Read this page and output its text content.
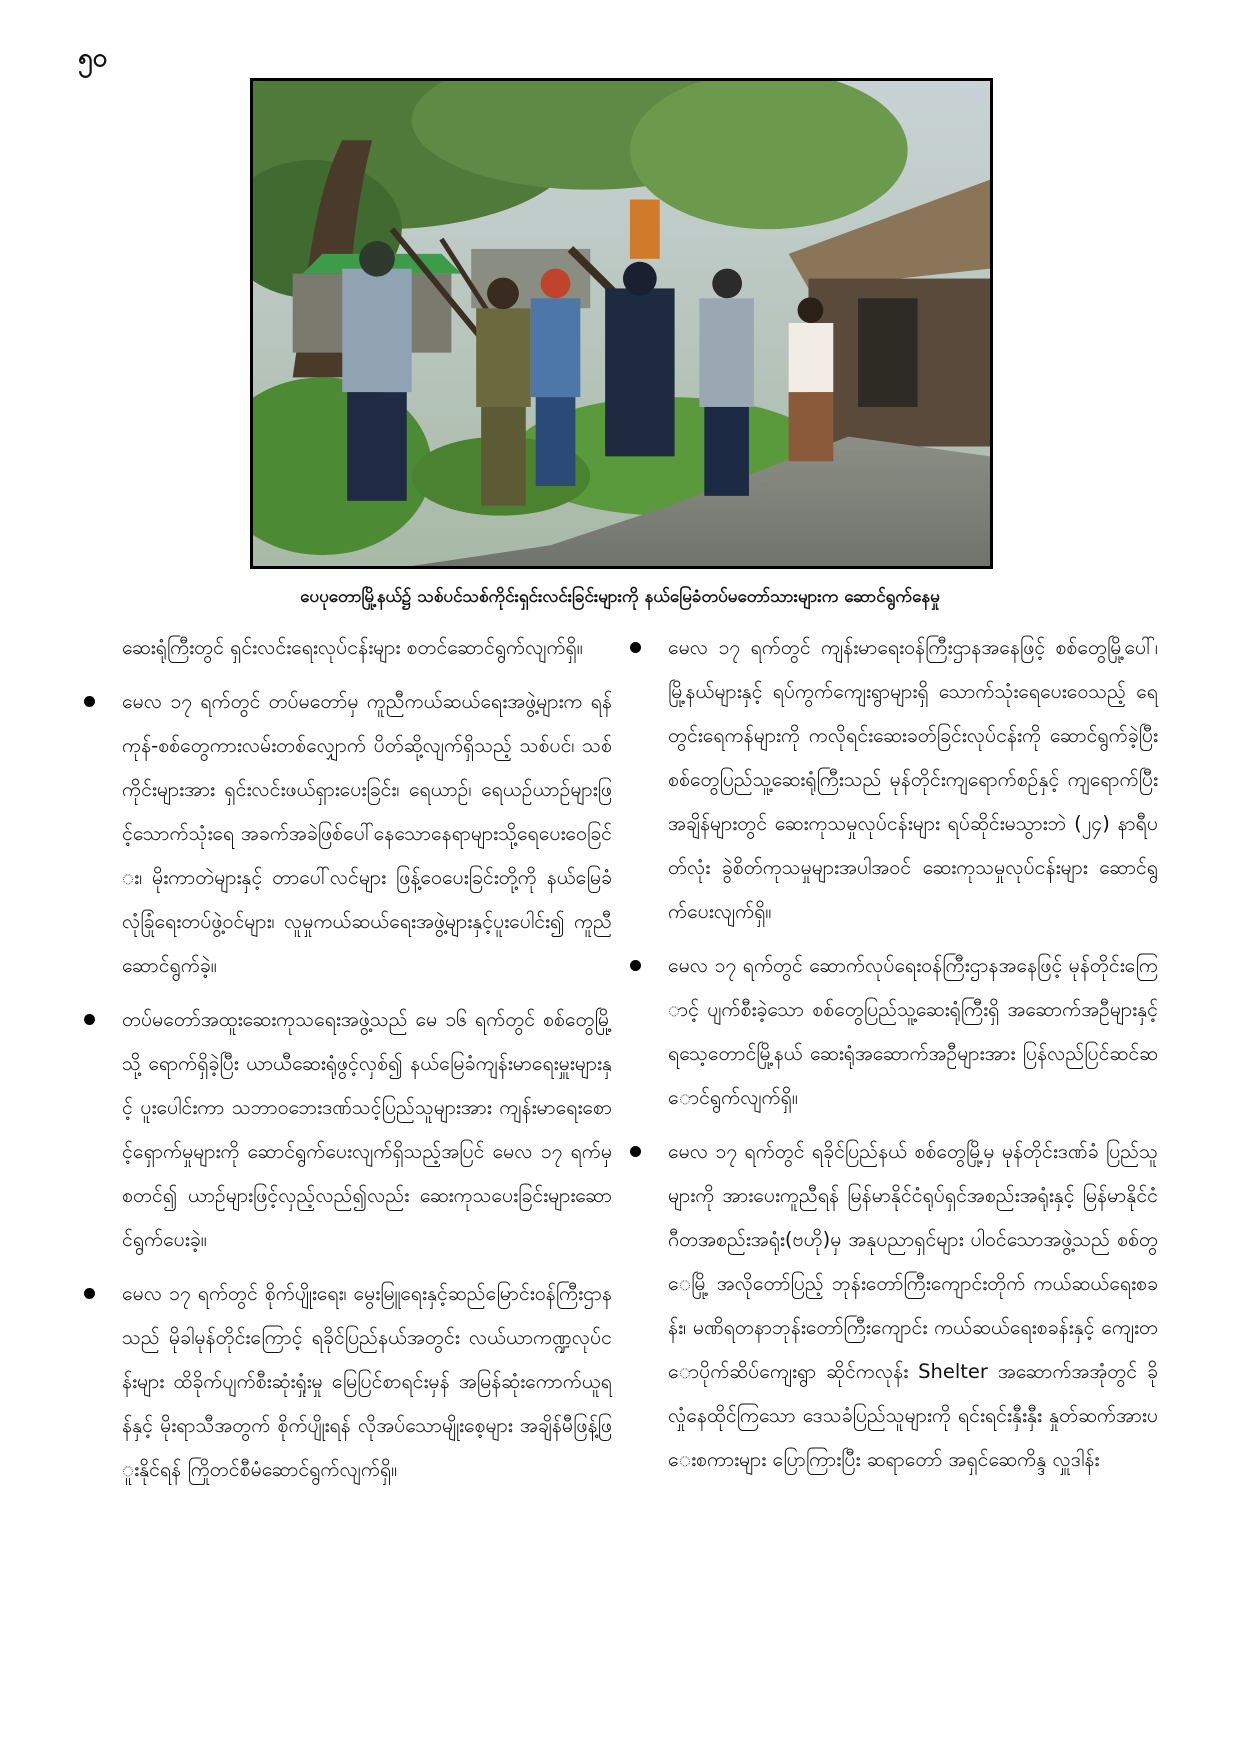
၅၀
ပေပုတောမြို့နယ်၌ သစ်ပင်သစ်ကိုင်းရှင်းလင်းခြင်းများကို နယ်မြေခံတပ်မတော်သားများက ဆောင်ရွက်နေမှု

ဆေးရုံကြီးတွင် ရှင်းလင်းရေးလုပ်ငန်းများ စတင်ဆောင်ရွက်လျက်ရှိ။

မေလ ၁၇ ရက်တွင် တပ်မတော်မှ ကူညီကယ်ဆယ်ရေးအဖွဲ့များက ရန်ကုန်-စစ်တွေကားလမ်းတစ်လျှောက် ပိတ်ဆို့လျက်ရှိသည့် သစ်ပင်၊ သစ်ကိုင်းများအား ရှင်းလင်းဖယ်ရှားပေးခြင်း၊ ရေယာဉ်၊ ရေယဉ်ယာဉ်များဖြင့်သောက်သုံးရေ အခက်အခဲဖြစ်ပေါ်နေသောနေရာများသို့ရေပေးဝေခြင်း၊ မိုးကာတဲများနှင့် တာပေါ်လင်များ ဖြန့်ဝေပေးခြင်းတို့ကို နယ်မြေခံလုံခြုံရေးတပ်ဖွဲ့ဝင်များ၊ လူမှုကယ်ဆယ်ရေးအဖွဲ့များနှင့်ပူးပေါင်း၍ ကူညီဆောင်ရွက်ခဲ့။
တပ်မတော်အထူးဆေးကုသရေးအဖွဲ့သည် မေ ၁၆ ရက်တွင် စစ်တွေမြို့သို့ ရောက်ရှိခဲ့ပြီး ယာယီဆေးရုံဖွင့်လှစ်၍ နယ်မြေခံကျန်းမာရေးမှူးများနှင့် ပူးပေါင်းကာ သဘာဝဘေးဒဏ်သင့်ပြည်သူများအား ကျန်းမာရေးစောင့်ရှောက်မှုများကို ဆောင်ရွက်ပေးလျက်ရှိသည့်အပြင် မေလ ၁၇ ရက်မှစတင်၍ ယာဉ်များဖြင့်လှည့်လည်၍လည်း ဆေးကုသပေးခြင်းများဆောင်ရွက်ပေးခဲ့။
မေလ ၁၇ ရက်တွင် စိုက်ပျိုးရေး၊ မွေးမြူရေးနှင့်ဆည်မြောင်းဝန်ကြီးဌာနသည် မိုခါမုန်တိုင်းကြောင့် ရခိုင်ပြည်နယ်အတွင်း လယ်ယာကဏ္ဍလုပ်ငန်းများ ထိခိုက်ပျက်စီးဆုံးရှုံးမှု မြေပြင်စာရင်းမှန် အမြန်ဆုံးကောက်ယူရန်နှင့် မိုးရာသီအတွက် စိုက်ပျိုးရန် လိုအပ်သောမျိုးစေ့များ အချိန်မီဖြန့်ဖြူးနိုင်ရန် ကြိုတင်စီမံဆောင်ရွက်လျက်ရှိ။
မေလ ၁၇ ရက်တွင် ကျန်းမာရေးဝန်ကြီးဌာနအနေဖြင့် စစ်တွေမြို့ပေါ်၊ မြို့နယ်များနှင့် ရပ်ကွက်ကျေးရွာများရှိ သောက်သုံးရေပေးဝေသည့် ရေတွင်းရေကန်များကို ကလိုရင်းဆေးခတ်ခြင်းလုပ်ငန်းကို ဆောင်ရွက်ခဲ့ပြီး စစ်တွေပြည်သူ့ဆေးရုံကြီးသည် မုန်တိုင်းကျရောက်စဉ်နှင့် ကျရောက်ပြီးအချိန်များတွင် ဆေးကုသမှုလုပ်ငန်းများ ရပ်ဆိုင်းမသွားဘဲ (၂၄) နာရီပတ်လုံး ခွဲစိတ်ကုသမှုများအပါအဝင် ဆေးကုသမှုလုပ်ငန်းများ ဆောင်ရွက်ပေးလျက်ရှိ။
မေလ ၁၇ ရက်တွင် ဆောက်လုပ်ရေးဝန်ကြီးဌာနအနေဖြင့် မုန်တိုင်းကြောင့် ပျက်စီးခဲ့သော စစ်တွေပြည်သူ့ဆေးရုံကြီးရှိ အဆောက်အဦများနှင့် ရသေ့တောင်မြို့နယ် ဆေးရုံအဆောက်အဦများအား ပြန်လည်ပြင်ဆင်ဆောင်ရွက်လျက်ရှိ။
မေလ ၁၇ ရက်တွင် ရခိုင်ပြည်နယ် စစ်တွေမြို့မှ မုန်တိုင်းဒဏ်ခံ ပြည်သူများကို အားပေးကူညီရန် မြန်မာနိုင်ငံရုပ်ရှင်အစည်းအရုံးနှင့် မြန်မာနိုင်ငံ ဂီတအစည်းအရုံး(ဗဟို)မှ အနုပညာရှင်များ ပါဝင်သောအဖွဲ့သည် စစ်တွေမြို့ အလိုတော်ပြည့် ဘုန်းတော်ကြီးကျောင်းတိုက် ကယ်ဆယ်ရေးစခန်း၊ မဏိရတနာဘုန်းတော်ကြီးကျောင်း ကယ်ဆယ်ရေးစခန်းနှင့် ကျေးတောပိုက်ဆိပ်ကျေးရွာ ဆိုင်ကလုန်း Shelter အဆောက်အအုံတွင် ခိုလှုံနေထိုင်ကြသော ဒေသခံပြည်သူများကို ရင်းရင်းနှီးနှီး နှုတ်ဆက်အားပေးစကားများ ပြောကြားပြီး ဆရာတော် အရှင်ဆေကိန္ဒ လှူဒါန်း
